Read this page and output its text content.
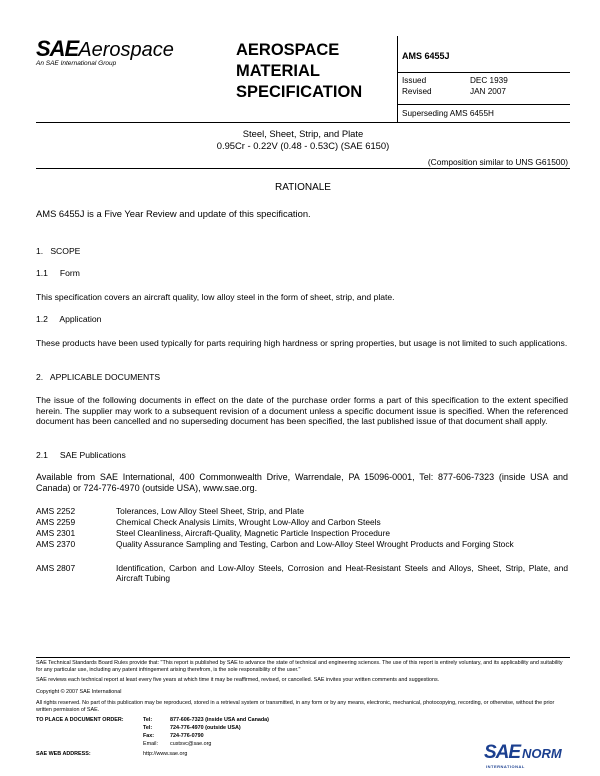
SAEAerospace
An SAE International Group
AEROSPACE
MATERIAL
SPECIFICATION
AMS 6455J
Issued	DEC 1939
Revised	JAN 2007
Superseding AMS 6455H
Steel, Sheet, Strip, and Plate
0.95Cr - 0.22V (0.48 - 0.53C) (SAE 6150)
(Composition similar to UNS G61500)
RATIONALE
AMS 6455J is a Five Year Review and update of this specification.
1.   SCOPE
1.1     Form
This specification covers an aircraft quality, low alloy steel in the form of sheet, strip, and plate.
1.2     Application
These products have been used typically for parts requiring high hardness or spring properties, but usage is not limited to such applications.
2.   APPLICABLE DOCUMENTS
The issue of the following documents in effect on the date of the purchase order forms a part of this specification to the extent specified herein. The supplier may work to a subsequent revision of a document unless a specific document issue is specified. When the referenced document has been cancelled and no superseding document has been specified, the last published issue of that document shall apply.
2.1     SAE Publications
Available from SAE International, 400 Commonwealth Drive, Warrendale, PA 15096-0001, Tel: 877-606-7323 (inside USA and Canada) or 724-776-4970 (outside USA), www.sae.org.
AMS 2252	Tolerances, Low Alloy Steel Sheet, Strip, and Plate
AMS 2259	Chemical Check Analysis Limits, Wrought Low-Alloy and Carbon Steels
AMS 2301	Steel Cleanliness, Aircraft-Quality, Magnetic Particle Inspection Procedure
AMS 2370	Quality Assurance Sampling and Testing, Carbon and Low-Alloy Steel Wrought Products and Forging Stock
AMS 2807	Identification, Carbon and Low-Alloy Steels, Corrosion and Heat-Resistant Steels and Alloys, Sheet, Strip, Plate, and Aircraft Tubing
SAE Technical Standards Board Rules provide that: "This report is published by SAE to advance the state of technical and engineering sciences. The use of this report is entirely voluntary, and its applicability and suitability for any particular use, including any patent infringement arising therefrom, is the sole responsibility of the user."
SAE reviews each technical report at least every five years at which time it may be reaffirmed, revised, or cancelled. SAE invites your written comments and suggestions.
Copyright © 2007 SAE International
All rights reserved. No part of this publication may be reproduced, stored in a retrieval system or transmitted, in any form or by any means, electronic, mechanical, photocopying, recording, or otherwise, without the prior written permission of SAE.
TO PLACE A DOCUMENT ORDER:	Tel:	877-606-7323 (inside USA and Canada)
Tel:	724-776-4970 (outside USA)
Fax:	724-776-0790
Email: custsvc@sae.org
SAE WEB ADDRESS:	http://www.sae.org	SAE NORM
INTERNATIONAL
